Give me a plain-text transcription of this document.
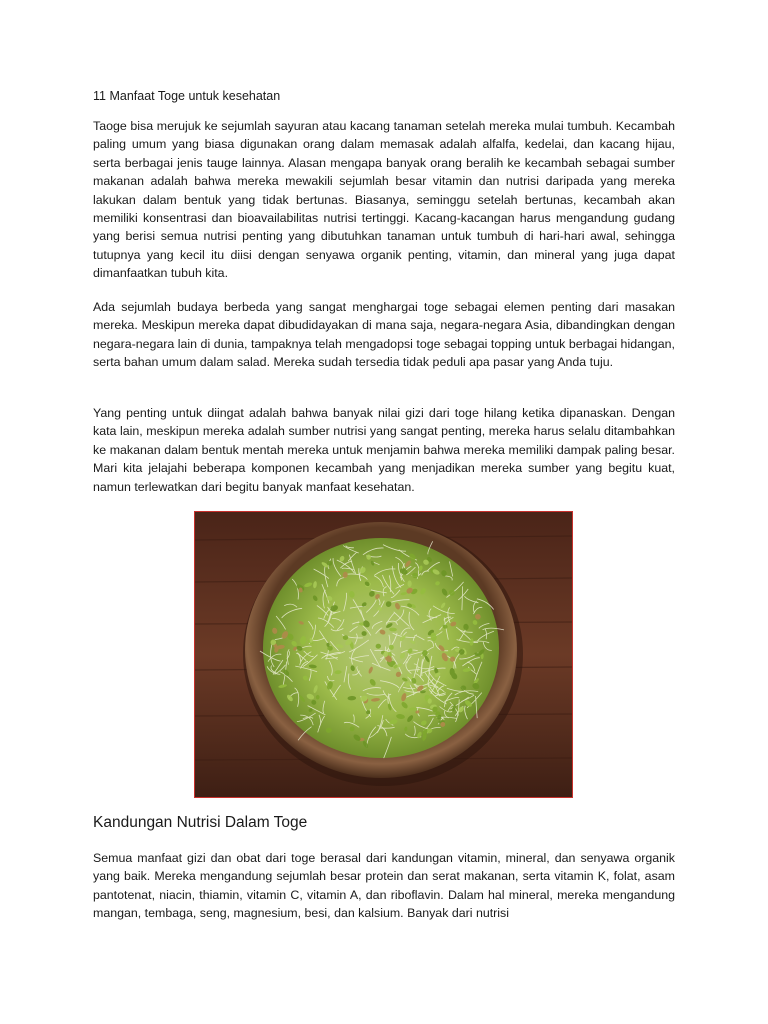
11 Manfaat Toge untuk kesehatan

Taoge bisa merujuk ke sejumlah sayuran atau kacang tanaman setelah mereka mulai tumbuh. Kecambah paling umum yang biasa digunakan orang dalam memasak adalah alfalfa, kedelai, dan kacang hijau, serta berbagai jenis tauge lainnya. Alasan mengapa banyak orang beralih ke kecambah sebagai sumber makanan adalah bahwa mereka mewakili sejumlah besar vitamin dan nutrisi daripada yang mereka lakukan dalam bentuk yang tidak bertunas. Biasanya, seminggu setelah bertunas, kecambah akan memiliki konsentrasi dan bioavailabilitas nutrisi tertinggi. Kacang-kacangan harus mengandung gudang yang berisi semua nutrisi penting yang dibutuhkan tanaman untuk tumbuh di hari-hari awal, sehingga tutupnya yang kecil itu diisi dengan senyawa organik penting, vitamin, dan mineral yang juga dapat dimanfaatkan tubuh kita.

Ada sejumlah budaya berbeda yang sangat menghargai toge sebagai elemen penting dari masakan mereka. Meskipun mereka dapat dibudidayakan di mana saja, negara-negara Asia, dibandingkan dengan negara-negara lain di dunia, tampaknya telah mengadopsi toge sebagai topping untuk berbagai hidangan, serta bahan umum dalam salad. Mereka sudah tersedia tidak peduli apa pasar yang Anda tuju.

Yang penting untuk diingat adalah bahwa banyak nilai gizi dari toge hilang ketika dipanaskan. Dengan kata lain, meskipun mereka adalah sumber nutrisi yang sangat penting, mereka harus selalu ditambahkan ke makanan dalam bentuk mentah mereka untuk menjamin bahwa mereka memiliki dampak paling besar. Mari kita jelajahi beberapa komponen kecambah yang menjadikan mereka sumber yang begitu kuat, namun terlewatkan dari begitu banyak manfaat kesehatan.

Kandungan Nutrisi Dalam Toge

Semua manfaat gizi dan obat dari toge berasal dari kandungan vitamin, mineral, dan senyawa organik yang baik. Mereka mengandung sejumlah besar protein dan serat makanan, serta vitamin K, folat, asam pantotenat, niacin, thiamin, vitamin C, vitamin A, dan riboflavin. Dalam hal mineral, mereka mengandung mangan, tembaga, seng, magnesium, besi, dan kalsium. Banyak dari nutrisi
